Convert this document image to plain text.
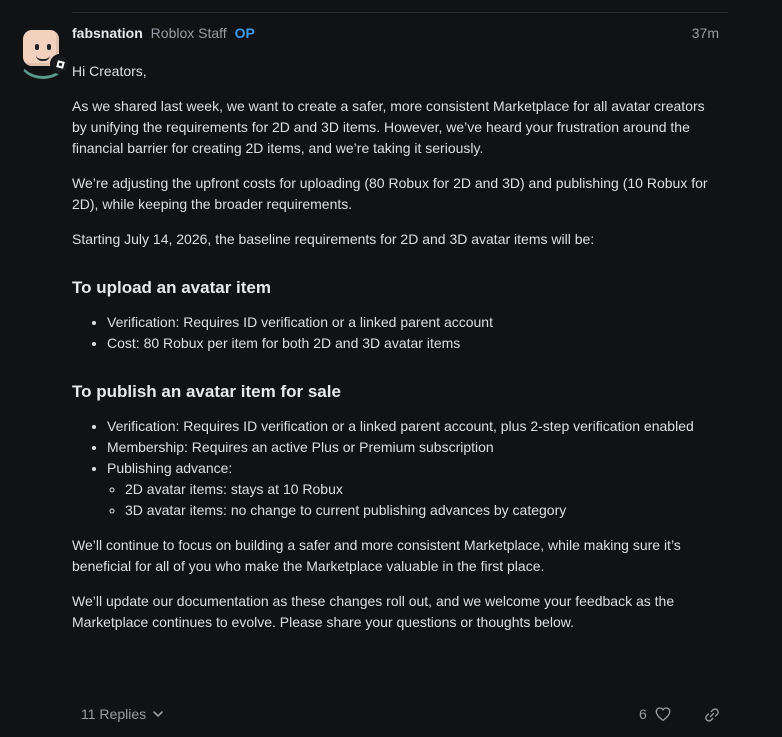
fabsnation Roblox Staff OP	37m

Hi Creators,

As we shared last week, we want to create a safer, more consistent Marketplace for all avatar creators by unifying the requirements for 2D and 3D items. However, we’ve heard your frustration around the financial barrier for creating 2D items, and we’re taking it seriously.

We’re adjusting the upfront costs for uploading (80 Robux for 2D and 3D) and publishing (10 Robux for 2D), while keeping the broader requirements.

Starting July 14, 2026, the baseline requirements for 2D and 3D avatar items will be:

To upload an avatar item
• Verification: Requires ID verification or a linked parent account
• Cost: 80 Robux per item for both 2D and 3D avatar items
To publish an avatar item for sale
• Verification: Requires ID verification or a linked parent account, plus 2-step verification enabled
• Membership: Requires an active Plus or Premium subscription
• Publishing advance:
◦ 2D avatar items: stays at 10 Robux
◦ 3D avatar items: no change to current publishing advances by category

We’ll continue to focus on building a safer and more consistent Marketplace, while making sure it’s beneficial for all of you who make the Marketplace valuable in the first place.

We’ll update our documentation as these changes roll out, and we welcome your feedback as the Marketplace continues to evolve. Please share your questions or thoughts below.

11 Replies	6
